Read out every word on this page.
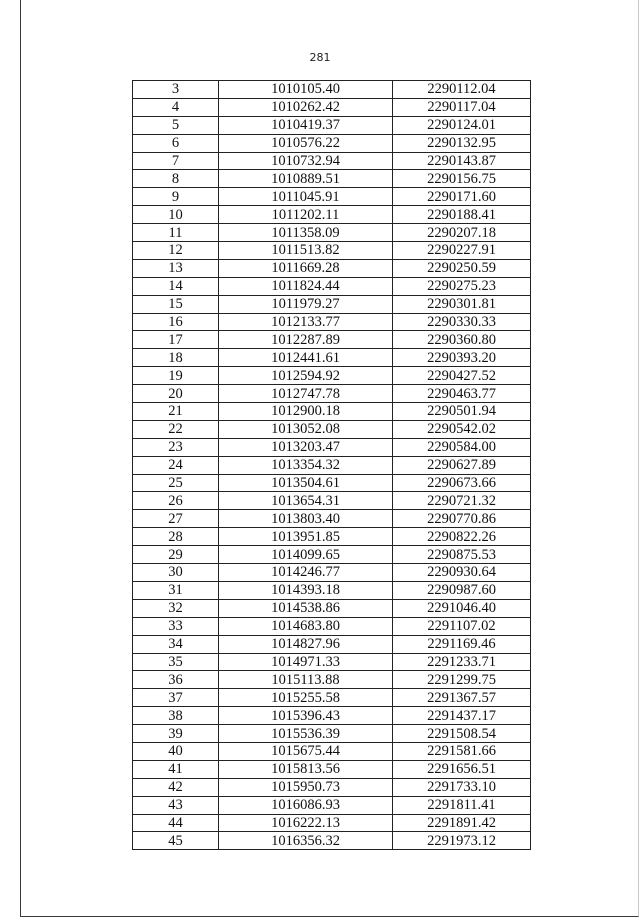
281
3	1010105.40	2290112.04
4	1010262.42	2290117.04
5	1010419.37	2290124.01
6	1010576.22	2290132.95
7	1010732.94	2290143.87
8	1010889.51	2290156.75
9	1011045.91	2290171.60
10	1011202.11	2290188.41
11	1011358.09	2290207.18
12	1011513.82	2290227.91
13	1011669.28	2290250.59
14	1011824.44	2290275.23
15	1011979.27	2290301.81
16	1012133.77	2290330.33
17	1012287.89	2290360.80
18	1012441.61	2290393.20
19	1012594.92	2290427.52
20	1012747.78	2290463.77
21	1012900.18	2290501.94
22	1013052.08	2290542.02
23	1013203.47	2290584.00
24	1013354.32	2290627.89
25	1013504.61	2290673.66
26	1013654.31	2290721.32
27	1013803.40	2290770.86
28	1013951.85	2290822.26
29	1014099.65	2290875.53
30	1014246.77	2290930.64
31	1014393.18	2290987.60
32	1014538.86	2291046.40
33	1014683.80	2291107.02
34	1014827.96	2291169.46
35	1014971.33	2291233.71
36	1015113.88	2291299.75
37	1015255.58	2291367.57
38	1015396.43	2291437.17
39	1015536.39	2291508.54
40	1015675.44	2291581.66
41	1015813.56	2291656.51
42	1015950.73	2291733.10
43	1016086.93	2291811.41
44	1016222.13	2291891.42
45	1016356.32	2291973.12
